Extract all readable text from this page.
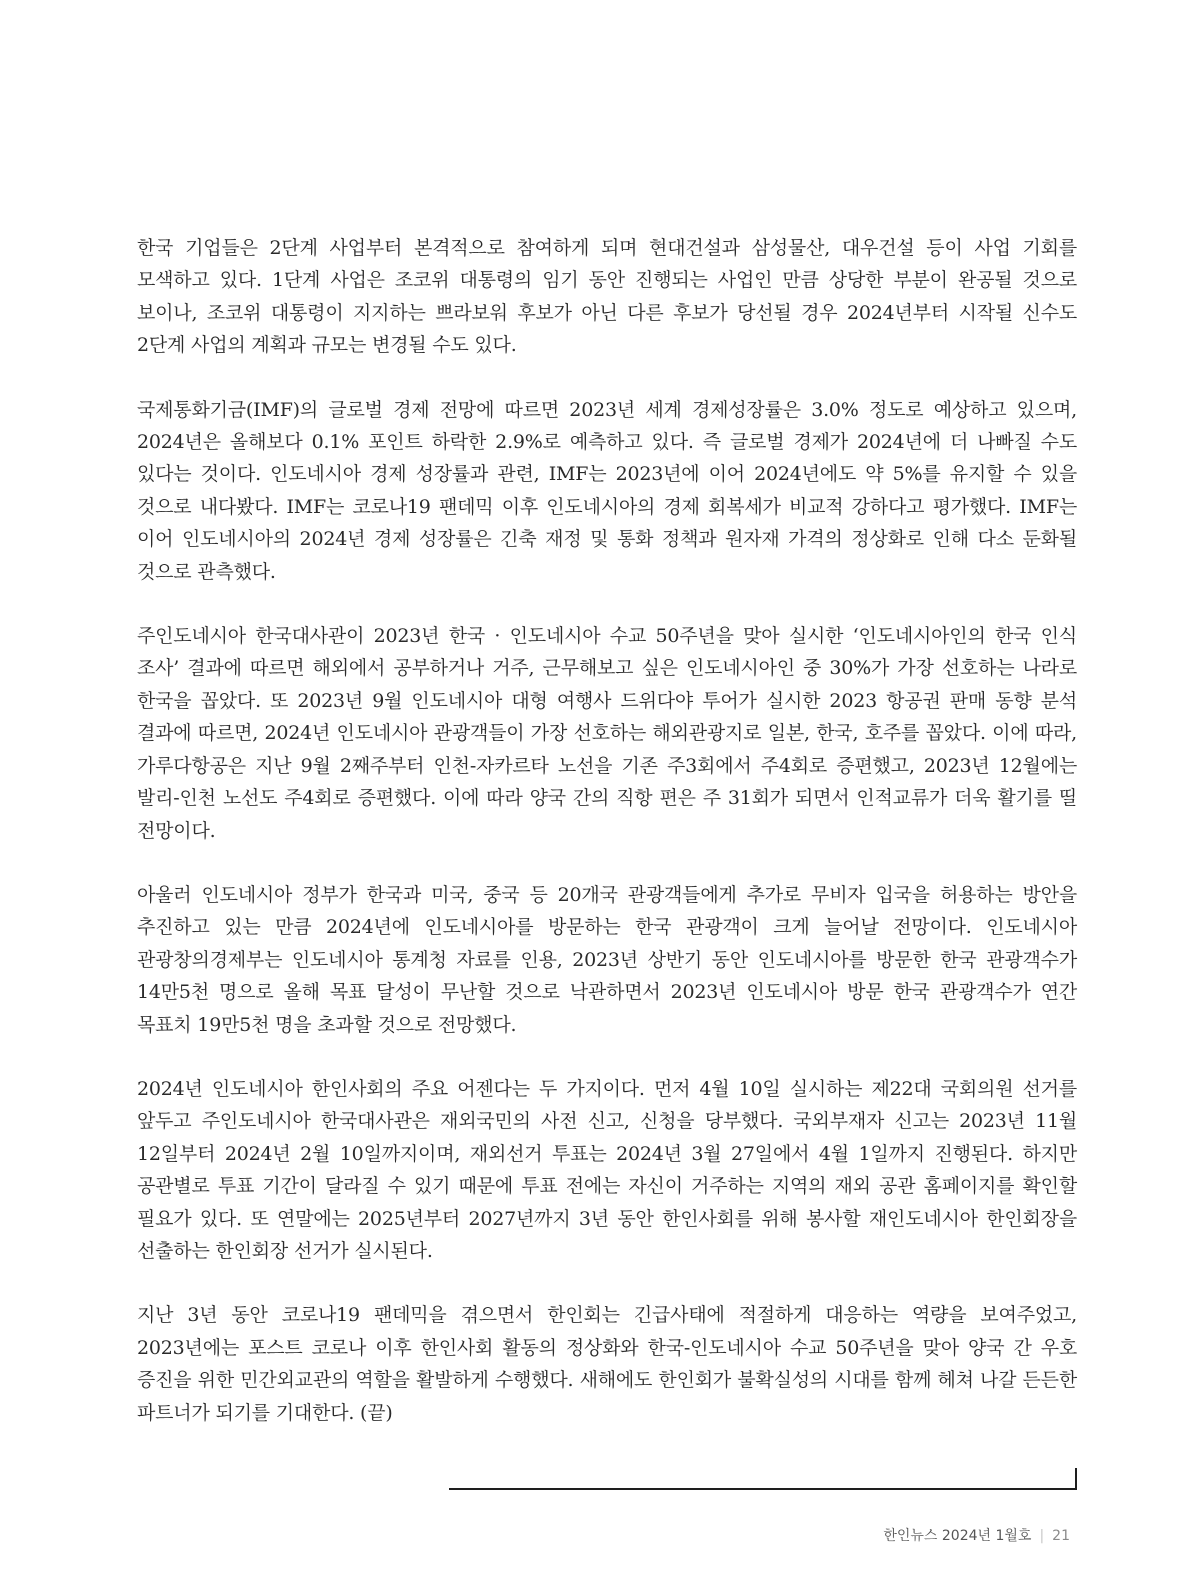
한국 기업들은 2단계 사업부터 본격적으로 참여하게 되며 현대건설과 삼성물산, 대우건설 등이 사업 기회를 모색하고 있다. 1단계 사업은 조코위 대통령의 임기 동안 진행되는 사업인 만큼 상당한 부분이 완공될 것으로 보이나, 조코위 대통령이 지지하는 쁘라보워 후보가 아닌 다른 후보가 당선될 경우 2024년부터 시작될 신수도 2단계 사업의 계획과 규모는 변경될 수도 있다.

국제통화기금(IMF)의 글로벌 경제 전망에 따르면 2023년 세계 경제성장률은 3.0% 정도로 예상하고 있으며, 2024년은 올해보다 0.1% 포인트 하락한 2.9%로 예측하고 있다. 즉 글로벌 경제가 2024년에 더 나빠질 수도 있다는 것이다. 인도네시아 경제 성장률과 관련, IMF는 2023년에 이어 2024년에도 약 5%를 유지할 수 있을 것으로 내다봤다. IMF는 코로나19 팬데믹 이후 인도네시아의 경제 회복세가 비교적 강하다고 평가했다. IMF는 이어 인도네시아의 2024년 경제 성장률은 긴축 재정 및 통화 정책과 원자재 가격의 정상화로 인해 다소 둔화될 것으로 관측했다.

주인도네시아 한국대사관이 2023년 한국 · 인도네시아 수교 50주년을 맞아 실시한 ‘인도네시아인의 한국 인식 조사’ 결과에 따르면 해외에서 공부하거나 거주, 근무해보고 싶은 인도네시아인 중 30%가 가장 선호하는 나라로 한국을 꼽았다. 또 2023년 9월 인도네시아 대형 여행사 드위다야 투어가 실시한 2023 항공권 판매 동향 분석 결과에 따르면, 2024년 인도네시아 관광객들이 가장 선호하는 해외관광지로 일본, 한국, 호주를 꼽았다. 이에 따라, 가루다항공은 지난 9월 2째주부터 인천-자카르타 노선을 기존 주3회에서 주4회로 증편했고, 2023년 12월에는 발리-인천 노선도 주4회로 증편했다. 이에 따라 양국 간의 직항 편은 주 31회가 되면서 인적교류가 더욱 활기를 띨 전망이다.

아울러 인도네시아 정부가 한국과 미국, 중국 등 20개국 관광객들에게 추가로 무비자 입국을 허용하는 방안을 추진하고 있는 만큼 2024년에 인도네시아를 방문하는 한국 관광객이 크게 늘어날 전망이다. 인도네시아 관광창의경제부는 인도네시아 통계청 자료를 인용, 2023년 상반기 동안 인도네시아를 방문한 한국 관광객수가 14만5천 명으로 올해 목표 달성이 무난할 것으로 낙관하면서 2023년 인도네시아 방문 한국 관광객수가 연간 목표치 19만5천 명을 초과할 것으로 전망했다.

2024년 인도네시아 한인사회의 주요 어젠다는 두 가지이다. 먼저 4월 10일 실시하는 제22대 국회의원 선거를 앞두고 주인도네시아 한국대사관은 재외국민의 사전 신고, 신청을 당부했다. 국외부재자 신고는 2023년 11월 12일부터 2024년 2월 10일까지이며, 재외선거 투표는 2024년 3월 27일에서 4월 1일까지 진행된다. 하지만 공관별로 투표 기간이 달라질 수 있기 때문에 투표 전에는 자신이 거주하는 지역의 재외 공관 홈페이지를 확인할 필요가 있다. 또 연말에는 2025년부터 2027년까지 3년 동안 한인사회를 위해 봉사할 재인도네시아 한인회장을 선출하는 한인회장 선거가 실시된다.

지난 3년 동안 코로나19 팬데믹을 겪으면서 한인회는 긴급사태에 적절하게 대응하는 역량을 보여주었고, 2023년에는 포스트 코로나 이후 한인사회 활동의 정상화와 한국-인도네시아 수교 50주년을 맞아 양국 간 우호 증진을 위한 민간외교관의 역할을 활발하게 수행했다. 새해에도 한인회가 불확실성의 시대를 함께 헤쳐 나갈 든든한 파트너가 되기를 기대한다. (끝)

한인뉴스 2024년 1월호 | 21
